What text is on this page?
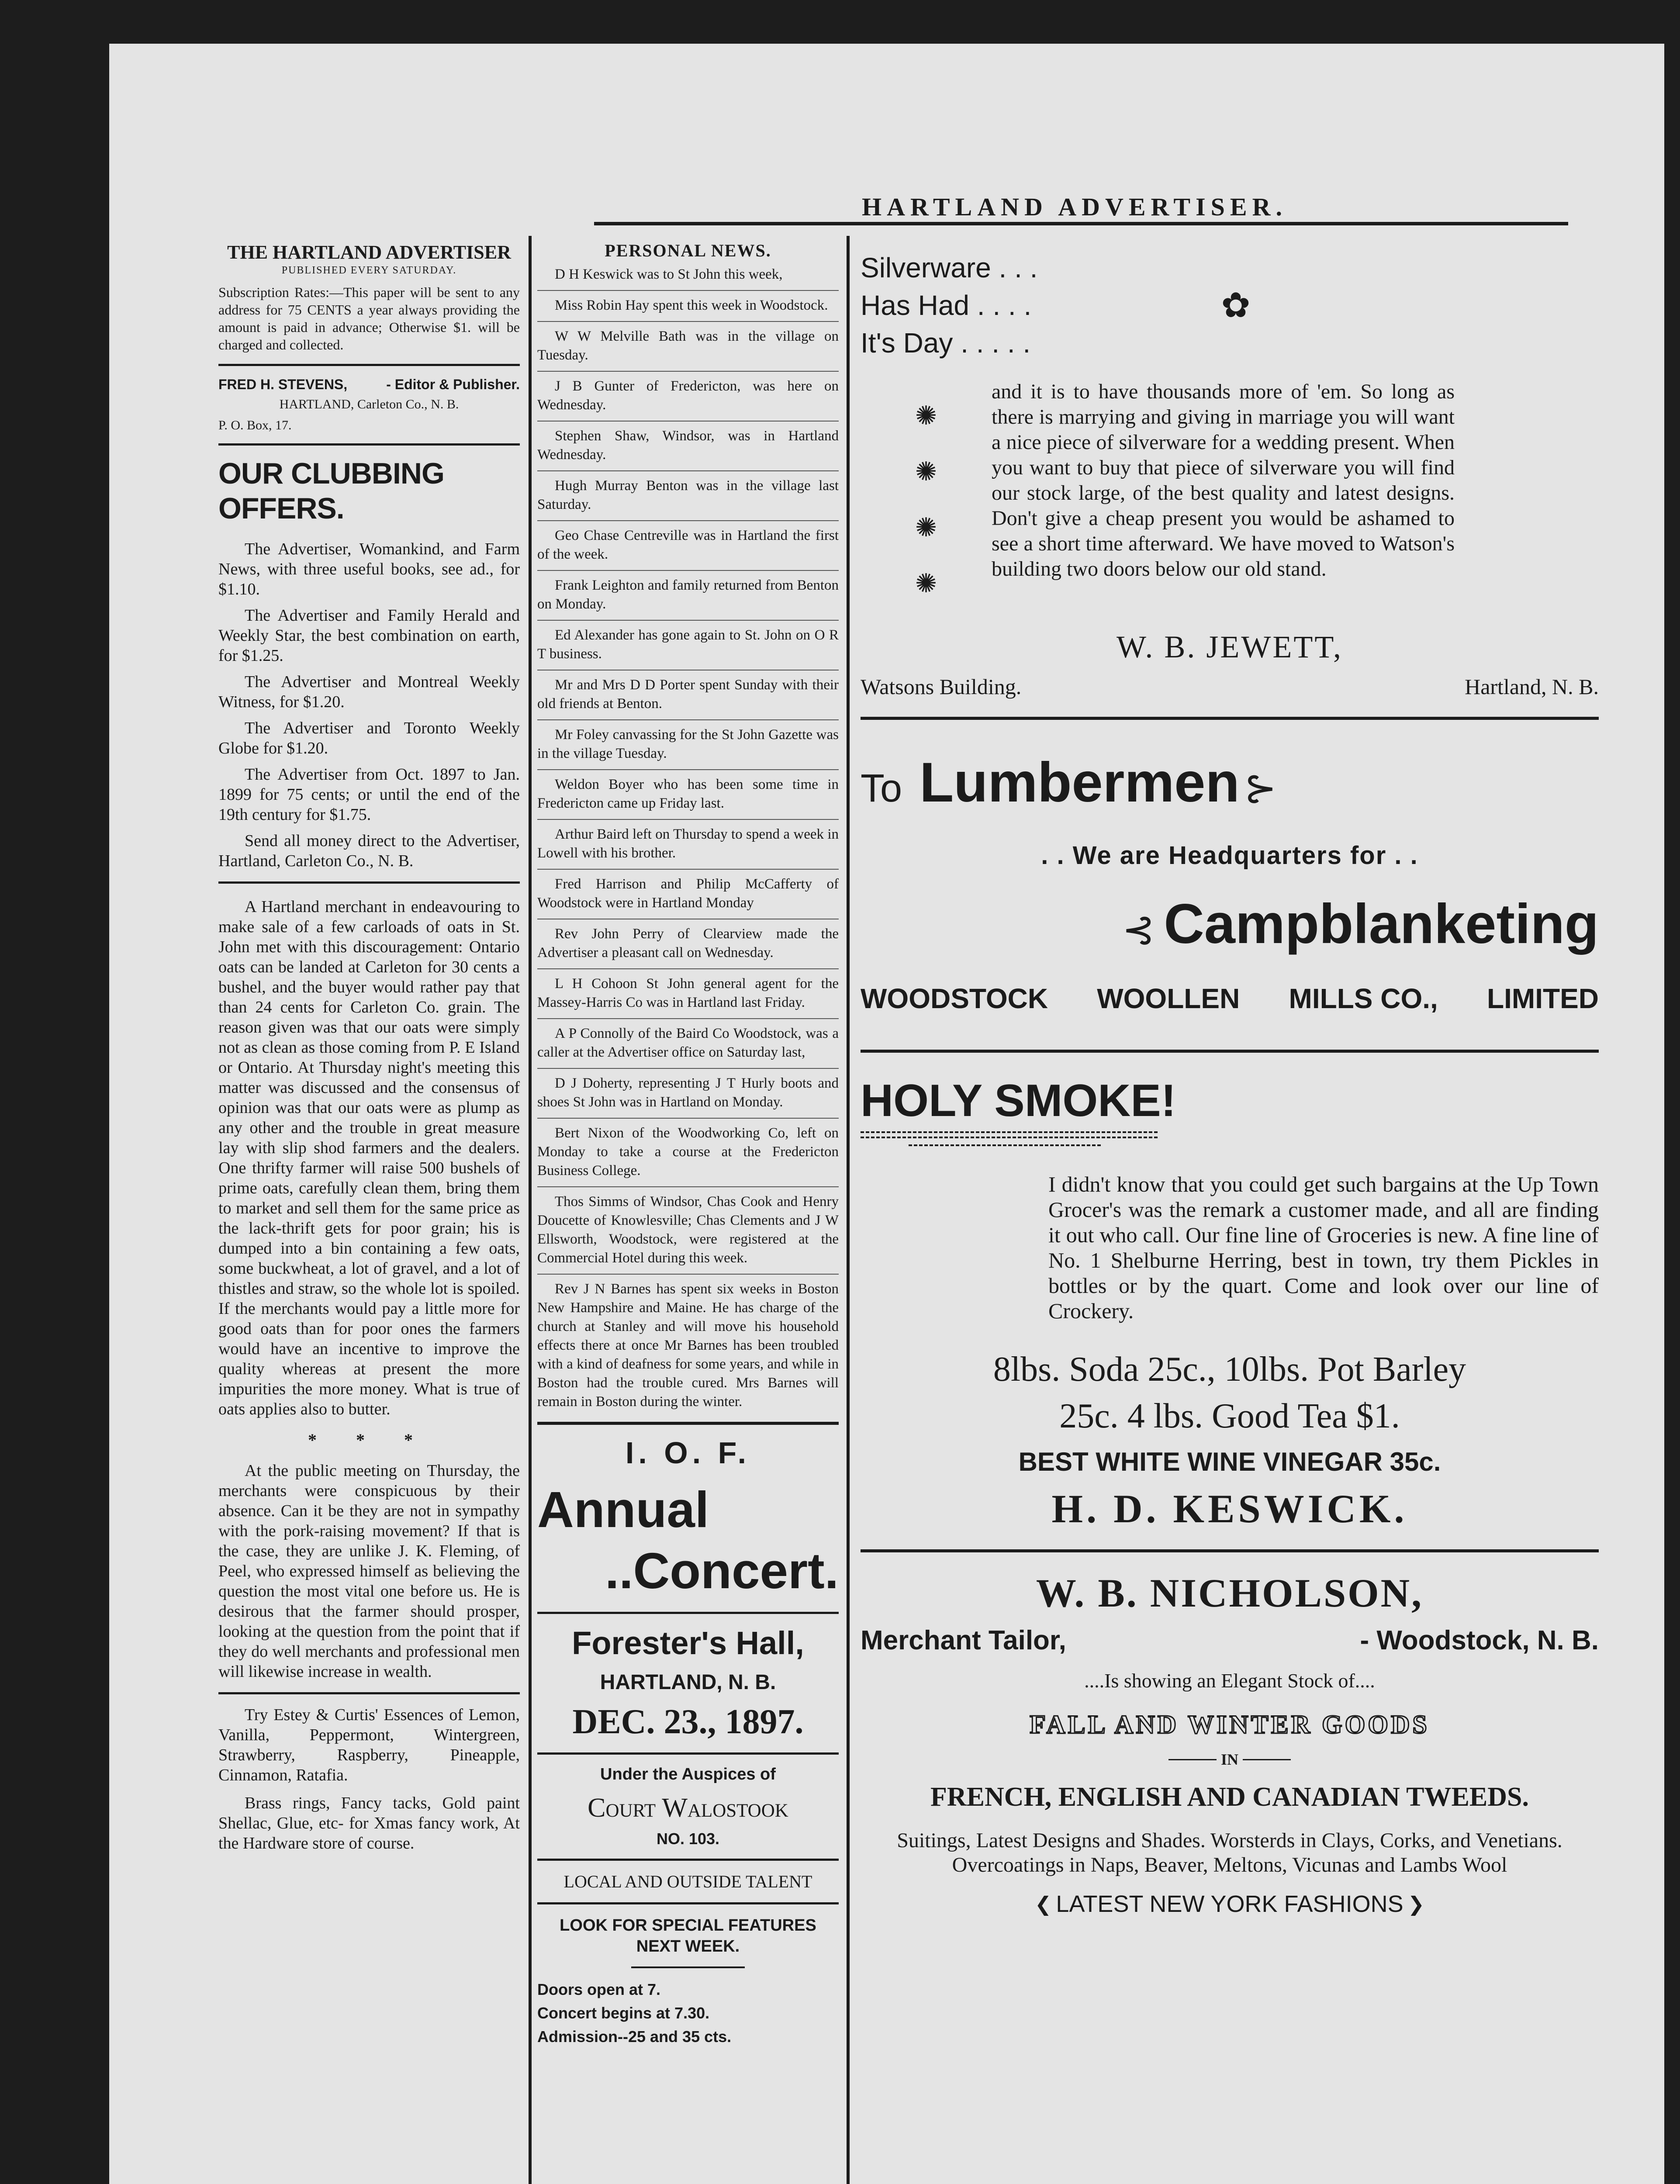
HARTLAND ADVERTISER.
THE HARTLAND ADVERTISER
PUBLISHED EVERY SATURDAY.

Subscription Rates:—This paper will be sent to any address for 75 CENTS a year always providing the amount is paid in advance; Otherwise $1. will be charged and collected.

FRED H. STEVENS,	- Editor & Publisher.
HARTLAND, Carleton Co., N. B.
P. O. Box, 17.
OUR CLUBBING OFFERS.

The Advertiser, Womankind, and Farm News, with three useful books, see ad., for $1.10.

The Advertiser and Family Herald and Weekly Star, the best combination on earth, for $1.25.

The Advertiser and Montreal Weekly Witness, for $1.20.

The Advertiser and Toronto Weekly Globe for $1.20.

The Advertiser from Oct. 1897 to Jan. 1899 for 75 cents; or until the end of the 19th century for $1.75.

Send all money direct to the Advertiser, Hartland, Carleton Co., N. B.

A Hartland merchant in endeavouring to make sale of a few carloads of oats in St. John met with this discouragement: Ontario oats can be landed at Carleton for 30 cents a bushel, and the buyer would rather pay that than 24 cents for Carleton Co. grain. The reason given was that our oats were simply not as clean as those coming from P. E Island or Ontario. At Thursday night's meeting this matter was discussed and the consensus of opinion was that our oats were as plump as any other and the trouble in great measure lay with slip shod farmers and the dealers. One thrifty farmer will raise 500 bushels of prime oats, carefully clean them, bring them to market and sell them for the same price as the lack-thrift gets for poor grain; his is dumped into a bin containing a few oats, some buckwheat, a lot of gravel, and a lot of thistles and straw, so the whole lot is spoiled. If the merchants would pay a little more for good oats than for poor ones the farmers would have an incentive to improve the quality whereas at present the more impurities the more money. What is true of oats applies also to butter.

* * *

At the public meeting on Thursday, the merchants were conspicuous by their absence. Can it be they are not in sympathy with the pork-raising movement? If that is the case, they are unlike J. K. Fleming, of Peel, who expressed himself as believing the question the most vital one before us. He is desirous that the farmer should prosper, looking at the question from the point that if they do well merchants and professional men will likewise increase in wealth.

Try Estey & Curtis' Essences of Lemon, Vanilla, Peppermont, Wintergreen, Strawberry, Raspberry, Pineapple, Cinnamon, Ratafia.

Brass rings, Fancy tacks, Gold paint Shellac, Glue, etc- for Xmas fancy work, At the Hardware store of course.

PERSONAL NEWS.

D H Keswick was to St John this week,

Miss Robin Hay spent this week in Woodstock.

W W Melville Bath was in the village on Tuesday.

J B Gunter of Fredericton, was here on Wednesday.

Stephen Shaw, Windsor, was in Hartland Wednesday.

Hugh Murray Benton was in the village last Saturday.

Geo Chase Centreville was in Hartland the first of the week.

Frank Leighton and family returned from Benton on Monday.

Ed Alexander has gone again to St. John on O R T business.

Mr and Mrs D D Porter spent Sunday with their old friends at Benton.

Mr Foley canvassing for the St John Gazette was in the village Tuesday.

Weldon Boyer who has been some time in Fredericton came up Friday last.

Arthur Baird left on Thursday to spend a week in Lowell with his brother.

Fred Harrison and Philip McCafferty of Woodstock were in Hartland Monday

Rev John Perry of Clearview made the Advertiser a pleasant call on Wednesday.

L H Cohoon St John general agent for the Massey-Harris Co was in Hartland last Friday.

A P Connolly of the Baird Co Woodstock, was a caller at the Advertiser office on Saturday last,

D J Doherty, representing J T Hurly boots and shoes St John was in Hartland on Monday.

Bert Nixon of the Woodworking Co, left on Monday to take a course at the Fredericton Business College.

Thos Simms of Windsor, Chas Cook and Henry Doucette of Knowlesville; Chas Clements and J W Ellsworth, Woodstock, were registered at the Commercial Hotel during this week.

Rev J N Barnes has spent six weeks in Boston New Hampshire and Maine. He has charge of the church at Stanley and will move his household effects there at once Mr Barnes has been troubled with a kind of deafness for some years, and while in Boston had the trouble cured. Mrs Barnes will remain in Boston during the winter.

I. O. F.
Annual
..Concert.
Forester's Hall,
HARTLAND, N. B.
DEC. 23., 1897.
Under the Auspices of
Court Walostook
NO. 103.
LOCAL AND OUTSIDE TALENT
LOOK FOR SPECIAL FEATURES NEXT WEEK.
Doors open at 7.
Concert begins at 7.30.
Admission--25 and 35 cts.
Silverware . . .
Has Had . . . .
It's Day . . . . .
✿
✺
✺
✺
✺

and it is to have thousands more of 'em. So long as there is marrying and giving in marriage you will want a nice piece of silverware for a wedding present. When you want to buy that piece of silverware you will find our stock large, of the best quality and latest designs. Don't give a cheap present you would be ashamed to see a short time afterward. We have moved to Watson's building two doors below our old stand.

W. B. JEWETT,
Watsons Building.	Hartland, N. B.
To Lumbermen ⊱
. . We are Headquarters for . .
⊰ Campblanketing
WOODSTOCK WOOLLEN MILLS CO., LIMITED
HOLY SMOKE!

I didn't know that you could get such bargains at the Up Town Grocer's was the remark a customer made, and all are finding it out who call. Our fine line of Groceries is new. A fine line of No. 1 Shelburne Herring, best in town, try them Pickles in bottles or by the quart. Come and look over our line of Crockery.

8lbs. Soda 25c., 10lbs. Pot Barley
25c. 4 lbs. Good Tea $1.
BEST WHITE WINE VINEGAR 35c.
H. D. KESWICK.
W. B. NICHOLSON,
Merchant Tailor,	- Woodstock, N. B.
....Is showing an Elegant Stock of....
FALL AND WINTER GOODS
IN
FRENCH, ENGLISH AND CANADIAN TWEEDS.

Suitings, Latest Designs and Shades. Worsterds in Clays, Corks, and Venetians. Overcoatings in Naps, Beaver, Meltons, Vicunas and Lambs Wool

❮ LATEST NEW YORK FASHIONS ❯
